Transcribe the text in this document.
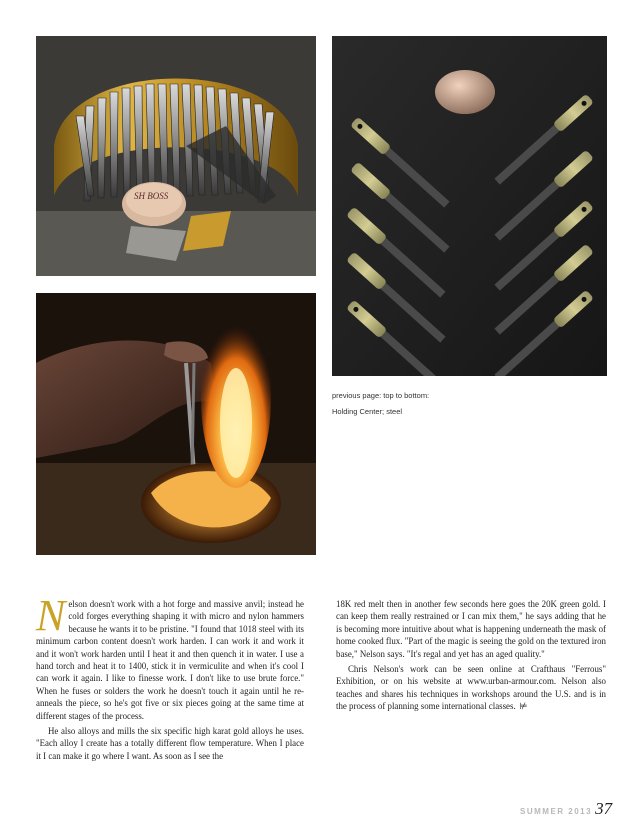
SH BOSS
previous page: top to bottom:
Holding Center; steel

Nelson doesn't work with a hot forge and massive anvil; instead he cold forges everything shaping it with micro and nylon hammers because he wants it to be pristine. "I found that 1018 steel with its minimum carbon content doesn't work harden. I can work it and work it and it won't work harden until I heat it and then quench it in water. I use a hand torch and heat it to 1400, stick it in vermiculite and when it's cool I can work it again. I like to finesse work. I don't like to use brute force." When he fuses or solders the work he doesn't touch it again until he re-anneals the piece, so he's got five or six pieces going at the same time at different stages of the process.

He also alloys and mills the six specific high karat gold alloys he uses. "Each alloy I create has a totally different flow temperature. When I place it I can make it go where I want. As soon as I see the

18K red melt then in another few seconds here goes the 20K green gold. I can keep them really restrained or I can mix them," he says adding that he is becoming more intuitive about what is happening underneath the mask of home cooked flux. "Part of the magic is seeing the gold on the textured iron base," Nelson says. "It's regal and yet has an aged quality."

Chris Nelson's work can be seen online at Crafthaus "Ferrous" Exhibition, or on his website at www.urban-armour.com. Nelson also teaches and shares his techniques in workshops around the U.S. and is in the process of planning some international classes. ⊭

SUMMER 2013 37
